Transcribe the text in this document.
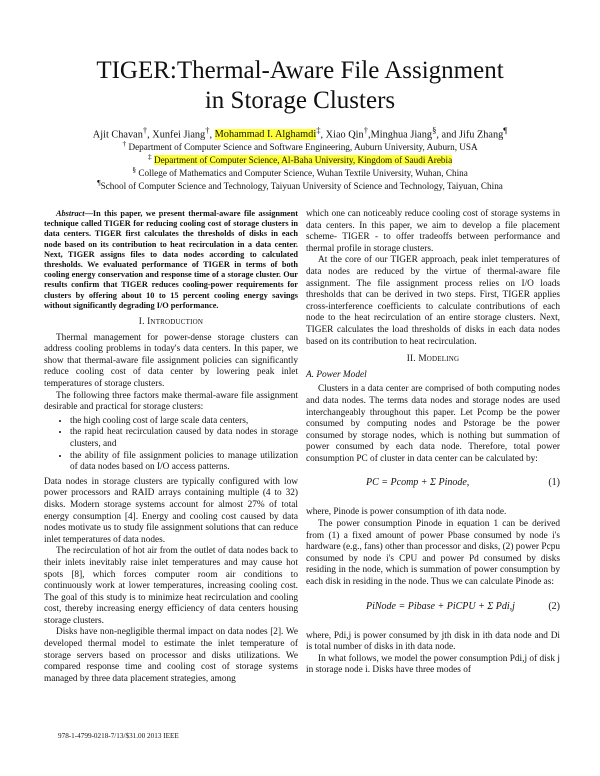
TIGER:Thermal-Aware File Assignment
in Storage Clusters
Ajit Chavan†, Xunfei Jiang†, Mohammad I. Alghamdi‡, Xiao Qin†,Minghua Jiang§, and Jifu Zhang¶
† Department of Computer Science and Software Engineering, Auburn University, Auburn, USA
‡ Department of Computer Science, Al-Baha University, Kingdom of Saudi Arebia
§ College of Mathematics and Computer Science, Wuhan Textile University, Wuhan, China
¶School of Computer Science and Technology, Taiyuan University of Science and Technology, Taiyuan, China

Abstract—In this paper, we present thermal-aware file assignment technique called TIGER for reducing cooling cost of storage clusters in data centers. TIGER first calculates the thresholds of disks in each node based on its contribution to heat recirculation in a data center. Next, TIGER assigns files to data nodes according to calculated thresholds. We evaluated performance of TIGER in terms of both cooling energy conservation and response time of a storage cluster. Our results confirm that TIGER reduces cooling-power requirements for clusters by offering about 10 to 15 percent cooling energy savings without significantly degrading I/O performance.

I. Introduction

Thermal management for power-dense storage clusters can address cooling problems in today's data centers. In this paper, we show that thermal-aware file assignment policies can significantly reduce cooling cost of data center by lowering peak inlet temperatures of storage clusters.

The following three factors make thermal-aware file assignment desirable and practical for storage clusters:

• the high cooling cost of large scale data centers,
• the rapid heat recirculation caused by data nodes in storage clusters, and
• the ability of file assignment policies to manage utilization of data nodes based on I/O access patterns.

Data nodes in storage clusters are typically configured with low power processors and RAID arrays containing multiple (4 to 32) disks. Modern storage systems account for almost 27% of total energy consumption [4]. Energy and cooling cost caused by data nodes motivate us to study file assignment solutions that can reduce inlet temperatures of data nodes.

The recirculation of hot air from the outlet of data nodes back to their inlets inevitably raise inlet temperatures and may cause hot spots [8], which forces computer room air conditions to continuously work at lower temperatures, increasing cooling cost. The goal of this study is to minimize heat recirculation and cooling cost, thereby increasing energy efficiency of data centers housing storage clusters.

Disks have non-negligible thermal impact on data nodes [2]. We developed thermal model to estimate the inlet temperature of storage servers based on processor and disks utilizations. We compared response time and cooling cost of storage systems managed by three data placement strategies, among

which one can noticeably reduce cooling cost of storage systems in data centers. In this paper, we aim to develop a file placement scheme- TIGER - to offer tradeoffs between performance and thermal profile in storage clusters.

At the core of our TIGER approach, peak inlet temperatures of data nodes are reduced by the virtue of thermal-aware file assignment. The file assignment process relies on I/O loads thresholds that can be derived in two steps. First, TIGER applies cross-interference coefficients to calculate contributions of each node to the heat recirculation of an entire storage clusters. Next, TIGER calculates the load thresholds of disks in each data nodes based on its contribution to heat recirculation.

II. Modeling
A. Power Model

Clusters in a data center are comprised of both computing nodes and data nodes. The terms data nodes and storage nodes are used interchangeably throughout this paper. Let Pcomp be the power consumed by computing nodes and Pstorage be the power consumed by storage nodes, which is nothing but summation of power consumed by each data node. Therefore, total power consumption PC of cluster in data center can be calculated by:

PC = Pcomp + Σ Pinode,	(1)

where, Pinode is power consumption of ith data node.

The power consumption Pinode in equation 1 can be derived from (1) a fixed amount of power Pbase consumed by node i's hardware (e.g., fans) other than processor and disks, (2) power Pcpu consumed by node i's CPU and power Pd consumed by disks residing in the node, which is summation of power consumption by each disk in residing in the node. Thus we can calculate Pinode as:

PiNode = Pibase + PiCPU + Σ Pdi,j	(2)

where, Pdi,j is power consumed by jth disk in ith data node and Di is total number of disks in ith data node.

In what follows, we model the power consumption Pdi,j of disk j in storage node i. Disks have three modes of

978-1-4799-0218-7/13/$31.00 2013 IEEE
